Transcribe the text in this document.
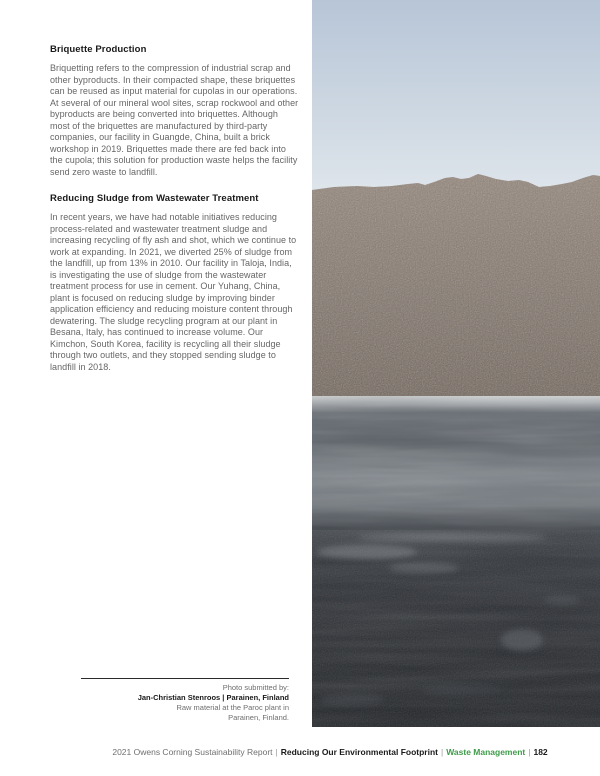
Briquette Production

Briquetting refers to the compression of industrial scrap and other byproducts. In their compacted shape, these briquettes can be reused as input material for cupolas in our operations. At several of our mineral wool sites, scrap rockwool and other byproducts are being converted into briquettes. Although most of the briquettes are manufactured by third-party companies, our facility in Guangde, China, built a brick workshop in 2019. Briquettes made there are fed back into the cupola; this solution for production waste helps the facility send zero waste to landfill.

Reducing Sludge from Wastewater Treatment

In recent years, we have had notable initiatives reducing process-related and wastewater treatment sludge and increasing recycling of fly ash and shot, which we continue to work at expanding. In 2021, we diverted 25% of sludge from the landfill, up from 13% in 2010. Our facility in Taloja, India, is investigating the use of sludge from the wastewater treatment process for use in cement. Our Yuhang, China, plant is focused on reducing sludge by improving binder application efficiency and reducing moisture content through dewatering. The sludge recycling program at our plant in Besana, Italy, has continued to increase volume. Our Kimchon, South Korea, facility is recycling all their sludge through two outlets, and they stopped sending sludge to landfill in 2018.

Photo submitted by:
Jan-Christian Stenroos | Parainen, Finland
Raw material at the Paroc plant in
Parainen, Finland.
2021 Owens Corning Sustainability Report | Reducing Our Environmental Footprint | Waste Management | 182
